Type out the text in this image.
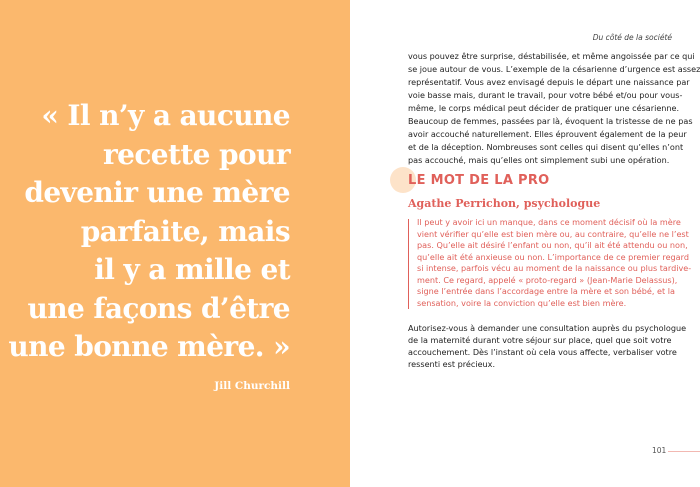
« Il n’y a aucune
recette pour
devenir une mère
parfaite, mais
il y a mille et
une façons d’être
une bonne mère. »
Jill Churchill
Du côté de la société
vous pouvez être surprise, déstabilisée, et même angoissée par ce qui
se joue autour de vous. L’exemple de la césarienne d’urgence est assez
représentatif. Vous avez envisagé depuis le départ une naissance par
voie basse mais, durant le travail, pour votre bébé et/ou pour vous-
même, le corps médical peut décider de pratiquer une césarienne.
Beaucoup de femmes, passées par là, évoquent la tristesse de ne pas
avoir accouché naturellement. Elles éprouvent également de la peur
et de la déception. Nombreuses sont celles qui disent qu’elles n’ont
pas accouché, mais qu’elles ont simplement subi une opération.
LE MOT DE LA PRO
Agathe Perrichon, psychologue
Il peut y avoir ici un manque, dans ce moment décisif où la mère
vient vérifier qu’elle est bien mère ou, au contraire, qu’elle ne l’est
pas. Qu’elle ait désiré l’enfant ou non, qu’il ait été attendu ou non,
qu’elle ait été anxieuse ou non. L’importance de ce premier regard
si intense, parfois vécu au moment de la naissance ou plus tardive-
ment. Ce regard, appelé « proto-regard » (Jean-Marie Delassus),
signe l’entrée dans l’accordage entre la mère et son bébé, et la
sensation, voire la conviction qu’elle est bien mère.
Autorisez-vous à demander une consultation auprès du psychologue
de la maternité durant votre séjour sur place, quel que soit votre
accouchement. Dès l’instant où cela vous affecte, verbaliser votre
ressenti est précieux.
101
